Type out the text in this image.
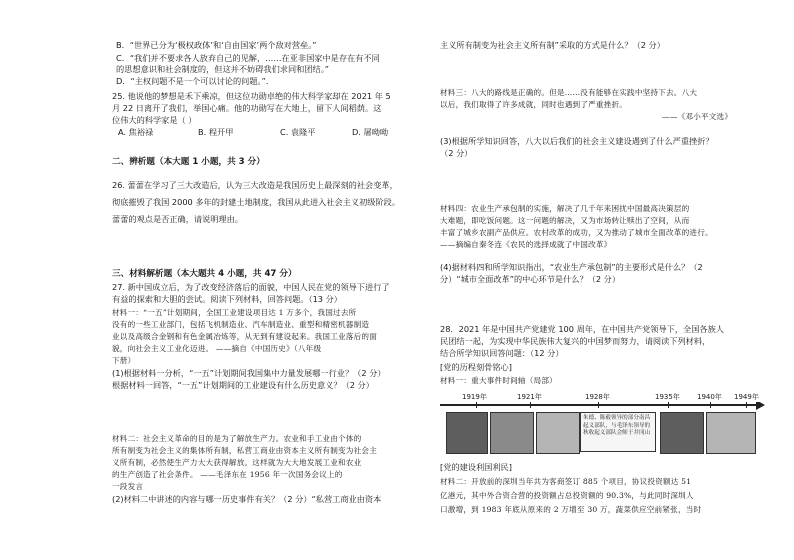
B．“世界已分为‘极权政体’和‘自由国家’两个敌对营垒。”
C．“我们并不要求各人放弃自己的见解，……在亚非国家中是存在有不同
的思想意识和社会制度的，但这并不妨碍我们求同和团结。”
D．“主权问题不是一个可以讨论的问题。”.
25. 他说他的梦想是禾下乘凉，但这位功勋卓绝的伟大科学家却在 2021 年 5
月 22 日离开了我们，举国心痛。他的功勋写在大地上，留下人间稻荫。这
位伟大的科学家是（ ）
A. 焦裕禄	B. 程开甲	C. 袁隆平	D. 屠呦呦
二、辨析题（本大题 1 小题，共 3 分）
26. 蕾蕾在学习了三大改造后，认为三大改造是我国历史上最深刻的社会变革，
彻底摧毁了我国 2000 多年的封建土地制度，我国从此进入社会主义初级阶段。
蕾蕾的观点是否正确，请说明理由。
三、材料解析题（本大题共 4 小题，共 47 分）
27. 新中国成立后，为了改变经济落后的面貌，中国人民在党的领导下进行了
有益的探索和大胆的尝试。阅读下列材料，回答问题。（13 分）
材料一：“一五”计划期间，全国工业建设项目达 1 万多个，我国过去所
没有的一些工业部门，包括飞机制造业、汽车制造业、重型和精密机器制造
业以及高级合金钢和有色金属冶炼等，从无到有建设起来。我国工业落后的面
貌，向社会主义工业化迈进。 ——摘自《中国历史》（八年级
下册）
(1)根据材料一分析，“一五”计划期间我国集中力量发展哪一行业？（2 分）
根据材料一回答，“一五”计划期间的工业建设有什么历史意义？（2 分）
材料二：社会主义革命的目的是为了解放生产力。农业和手工业由个体的
所有制变为社会主义的集体所有制，私营工商业由资本主义所有制变为社会主
义所有制，必然使生产力大大获得解放。这样就为大大地发展工业和农业
的生产创造了社会条件。 ——毛泽东在 1956 年一次国务会议上的
一段发言
(2)材料二中讲述的内容与哪一历史事件有关？（2 分）“私营工商业由资本
主义所有制变为社会主义所有制”采取的方式是什么？（2 分）
材料三：八大的路线是正确的。但是……没有能够在实践中坚持下去。八大
以后，我们取得了许多成就，同时也遇到了严重挫折。
——《邓小平文选》
(3)根据所学知识回答，八大以后我们的社会主义建设遇到了什么严重挫折？
（2 分）
材料四：农业生产承包制的实施，解决了几千年来困扰中国最高决策层的
大难题，即吃饭问题。这一问题的解决，又为市场转让赎出了空间，从而
丰富了城乡农副产品供应。农村改革的成功，又为推动了城市全面改革的进行。
——摘编自秦冬连《农民的选择成就了中国改革》
(4)据材料四和所学知识指出，“农业生产承包制”的主要形式是什么？（2
分）“城市全面改革”的中心环节是什么？（2 分）
28．2021 年是中国共产党建党 100 周年，在中国共产党领导下，全国各族人
民团结一起，为实现中华民族伟大复兴的中国梦而努力，请阅读下列材料，
结合所学知识回答问题：（12 分）
[党的历程刻骨铭心]
材料一：重大事件时间轴（局部）
1919年	1921年	1928年	1935年 1940年 1949年
朱德、陈毅领导的部分南昌起义部队，与毛泽东领导的秋收起义部队会师于井冈山
[党的建设利国利民]
材料二：开放前的深圳当年共为客商签订 885 个项目，协议投资额达 51
亿港元，其中外合资合营的投资额占总投资额的 90.3%，与此同时深圳人
口激增，到 1983 年底从原来的 2 万增至 30 万，蔬菜供应空前紧张，当时
